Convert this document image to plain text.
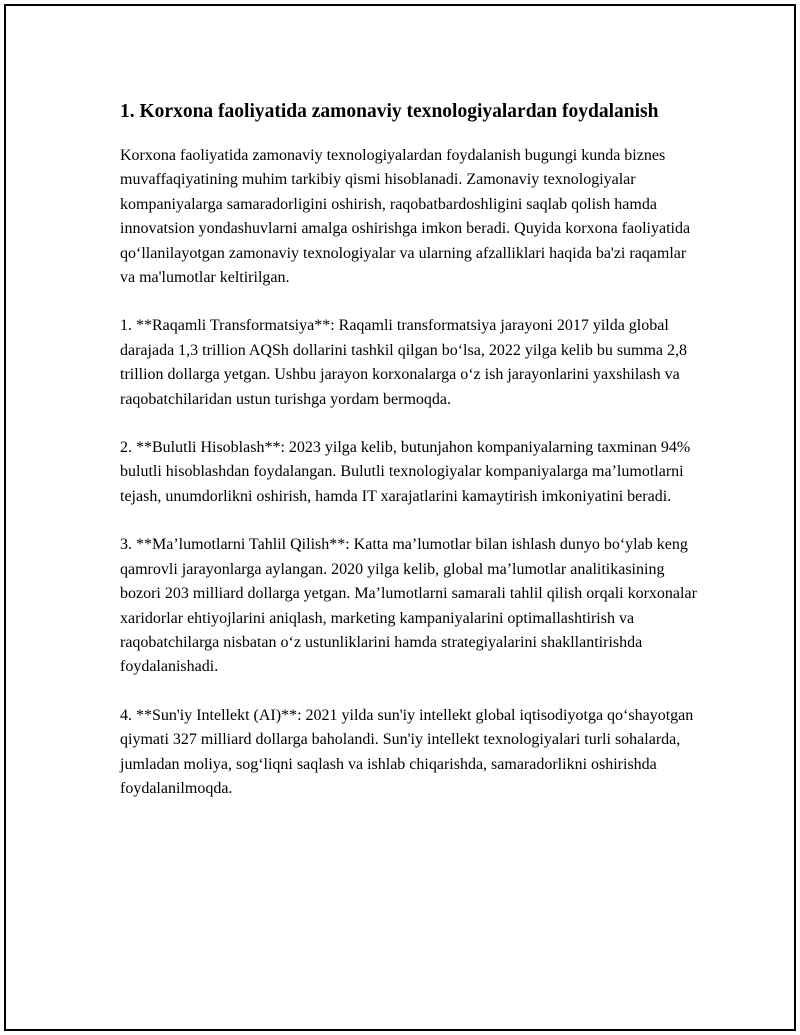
1. Korxona faoliyatida zamonaviy texnologiyalardan foydalanish

Korxona faoliyatida zamonaviy texnologiyalardan foydalanish bugungi kunda biznes muvaffaqiyatining muhim tarkibiy qismi hisoblanadi. Zamonaviy texnologiyalar kompaniyalarga samaradorligini oshirish, raqobatbardoshligini saqlab qolish hamda innovatsion yondashuvlarni amalga oshirishga imkon beradi. Quyida korxona faoliyatida qo‘llanilayotgan zamonaviy texnologiyalar va ularning afzalliklari haqida ba'zi raqamlar va ma'lumotlar keltirilgan.

1. **Raqamli Transformatsiya**: Raqamli transformatsiya jarayoni 2017 yilda global darajada 1,3 trillion AQSh dollarini tashkil qilgan bo‘lsa, 2022 yilga kelib bu summa 2,8 trillion dollarga yetgan. Ushbu jarayon korxonalarga o‘z ish jarayonlarini yaxshilash va raqobatchilaridan ustun turishga yordam bermoqda.

2. **Bulutli Hisoblash**: 2023 yilga kelib, butunjahon kompaniyalarning taxminan 94% bulutli hisoblashdan foydalangan. Bulutli texnologiyalar kompaniyalarga ma’lumotlarni tejash, unumdorlikni oshirish, hamda IT xarajatlarini kamaytirish imkoniyatini beradi.

3. **Ma’lumotlarni Tahlil Qilish**: Katta ma’lumotlar bilan ishlash dunyo bo‘ylab keng qamrovli jarayonlarga aylangan. 2020 yilga kelib, global ma’lumotlar analitikasining bozori 203 milliard dollarga yetgan. Ma’lumotlarni samarali tahlil qilish orqali korxonalar xaridorlar ehtiyojlarini aniqlash, marketing kampaniyalarini optimallashtirish va raqobatchilarga nisbatan o‘z ustunliklarini hamda strategiyalarini shakllantirishda foydalanishadi.

4. **Sun'iy Intellekt (AI)**: 2021 yilda sun'iy intellekt global iqtisodiyotga qo‘shayotgan qiymati 327 milliard dollarga baholandi. Sun'iy intellekt texnologiyalari turli sohalarda, jumladan moliya, sog‘liqni saqlash va ishlab chiqarishda, samaradorlikni oshirishda foydalanilmoqda.
